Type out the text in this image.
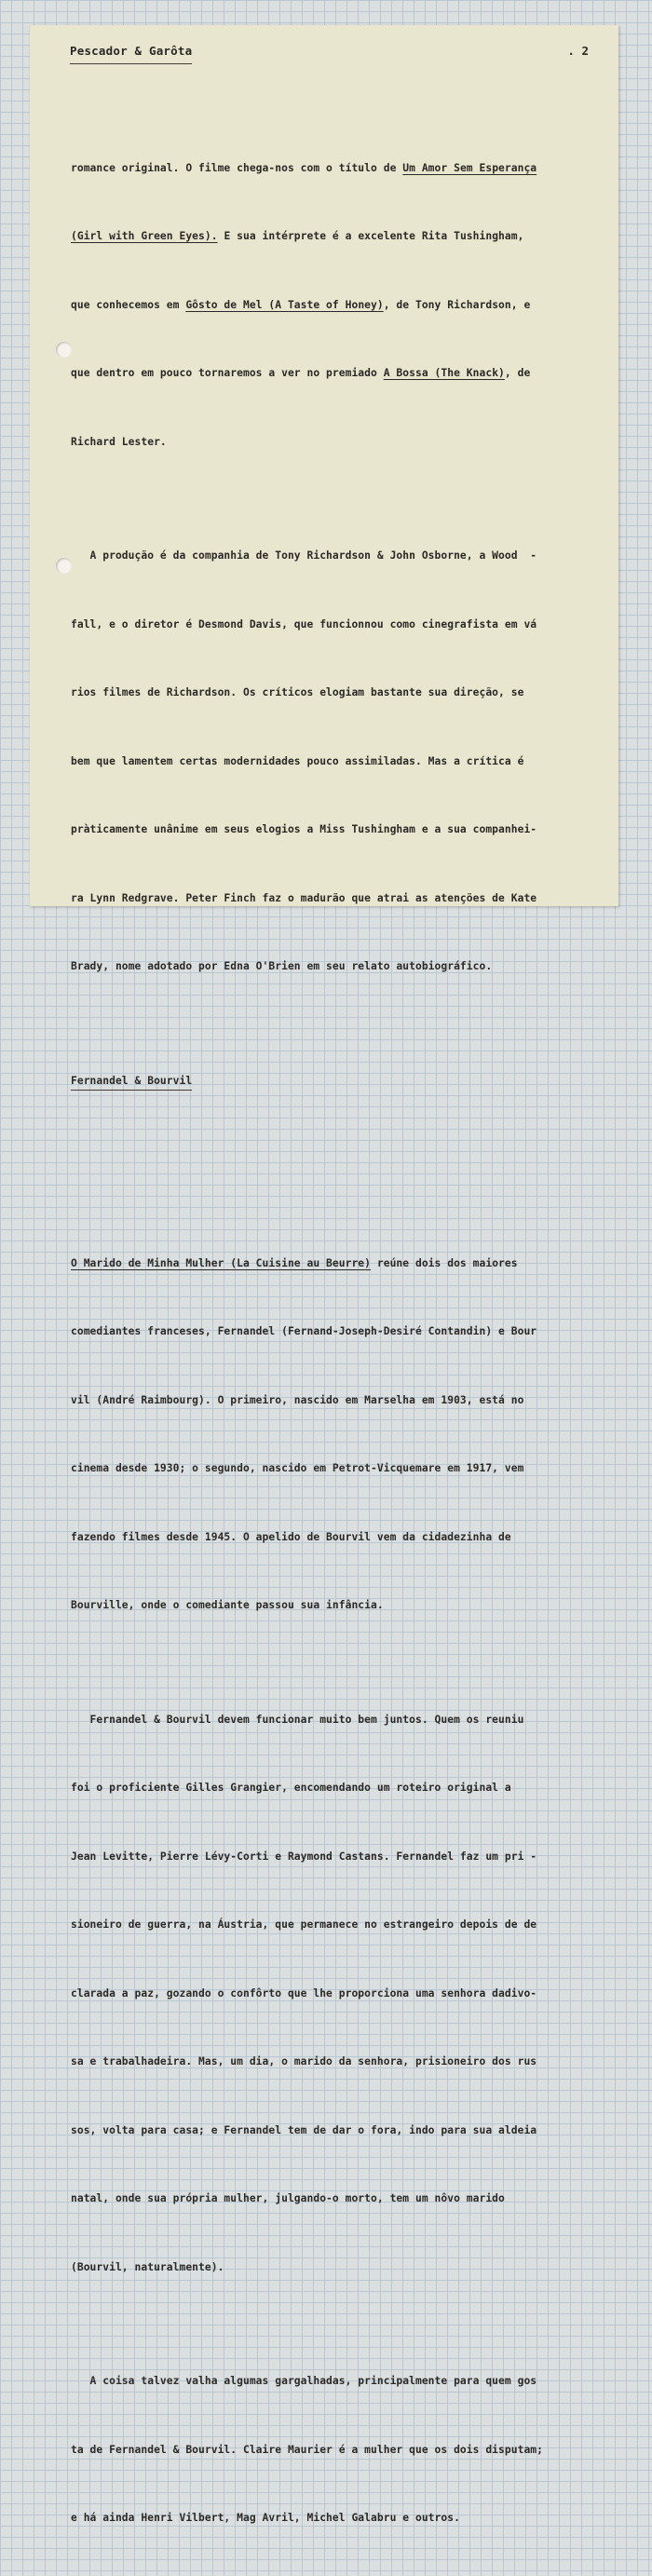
Pescador & Garôta	. 2

romance original. O filme chega-nos com o título de Um Amor Sem Esperança

(Girl with Green Eyes). E sua intérprete é a excelente Rita Tushingham,

que conhecemos em Gôsto de Mel (A Taste of Honey), de Tony Richardson, e

que dentro em pouco tornaremos a ver no premiado A Bossa (The Knack), de

Richard Lester.

A produção é da companhia de Tony Richardson & John Osborne, a Wood  -

fall, e o diretor é Desmond Davis, que funcionnou como cinegrafista em vá

rios filmes de Richardson. Os críticos elogiam bastante sua direção, se

bem que lamentem certas modernidades pouco assimiladas. Mas a crítica é

pràticamente unânime em seus elogios a Miss Tushingham e a sua companhei-

ra Lynn Redgrave. Peter Finch faz o madurão que atrai as atenções de Kate

Brady, nome adotado por Edna O'Brien em seu relato autobiográfico.

Fernandel & Bourvil

O Marido de Minha Mulher (La Cuisine au Beurre) reúne dois dos maiores

comediantes franceses, Fernandel (Fernand-Joseph-Desiré Contandin) e Bour

vil (André Raimbourg). O primeiro, nascido em Marselha em 1903, está no

cinema desde 1930; o segundo, nascido em Petrot-Vicquemare em 1917, vem

fazendo filmes desde 1945. O apelido de Bourvil vem da cidadezinha de

Bourville, onde o comediante passou sua infância.

Fernandel & Bourvil devem funcionar muito bem juntos. Quem os reuniu

foi o proficiente Gilles Grangier, encomendando um roteiro original a

Jean Levitte, Pierre Lévy-Corti e Raymond Castans. Fernandel faz um pri -

sioneiro de guerra, na Áustria, que permanece no estrangeiro depois de de

clarada a paz, gozando o confôrto que lhe proporciona uma senhora dadivo-

sa e trabalhadeira. Mas, um dia, o marido da senhora, prisioneiro dos rus

sos, volta para casa; e Fernandel tem de dar o fora, indo para sua aldeia

natal, onde sua própria mulher, julgando-o morto, tem um nôvo marido

(Bourvil, naturalmente).

A coisa talvez valha algumas gargalhadas, principalmente para quem gos

ta de Fernandel & Bourvil. Claire Maurier é a mulher que os dois disputam;

e há ainda Henri Vilbert, Mag Avril, Michel Galabru e outros.
